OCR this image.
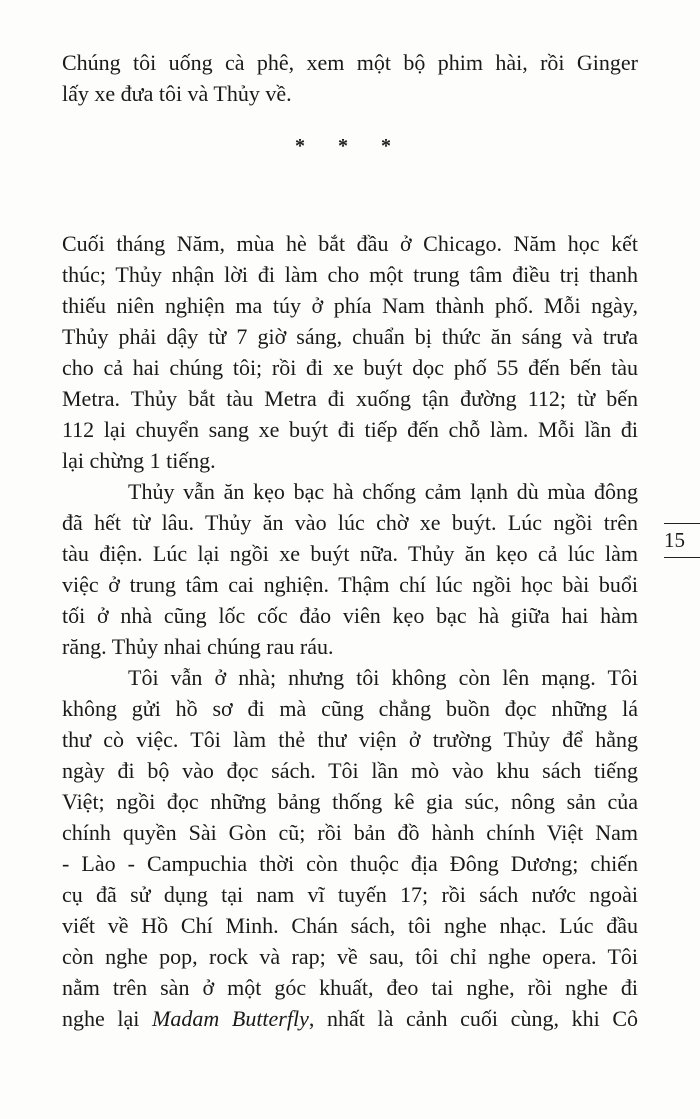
* * *
15
Chúng tôi uống cà phê, xem một bộ phim hài, rồi Ginger
lấy xe đưa tôi và Thủy về.
Cuối tháng Năm, mùa hè bắt đầu ở Chicago. Năm học kết
thúc; Thủy nhận lời đi làm cho một trung tâm điều trị thanh
thiếu niên nghiện ma túy ở phía Nam thành phố. Mỗi ngày,
Thủy phải dậy từ 7 giờ sáng, chuẩn bị thức ăn sáng và trưa
cho cả hai chúng tôi; rồi đi xe buýt dọc phố 55 đến bến tàu
Metra. Thủy bắt tàu Metra đi xuống tận đường 112; từ bến
112 lại chuyển sang xe buýt đi tiếp đến chỗ làm. Mỗi lần đi
lại chừng 1 tiếng.
Thủy vẫn ăn kẹo bạc hà chống cảm lạnh dù mùa đông
đã hết từ lâu. Thủy ăn vào lúc chờ xe buýt. Lúc ngồi trên
tàu điện. Lúc lại ngồi xe buýt nữa. Thủy ăn kẹo cả lúc làm
việc ở trung tâm cai nghiện. Thậm chí lúc ngồi học bài buổi
tối ở nhà cũng lốc cốc đảo viên kẹo bạc hà giữa hai hàm
răng. Thủy nhai chúng rau ráu.
Tôi vẫn ở nhà; nhưng tôi không còn lên mạng. Tôi
không gửi hồ sơ đi mà cũng chẳng buồn đọc những lá
thư cò việc. Tôi làm thẻ thư viện ở trường Thủy để hằng
ngày đi bộ vào đọc sách. Tôi lần mò vào khu sách tiếng
Việt; ngồi đọc những bảng thống kê gia súc, nông sản của
chính quyền Sài Gòn cũ; rồi bản đồ hành chính Việt Nam
- Lào - Campuchia thời còn thuộc địa Đông Dương; chiến
cụ đã sử dụng tại nam vĩ tuyến 17; rồi sách nước ngoài
viết về Hồ Chí Minh. Chán sách, tôi nghe nhạc. Lúc đầu
còn nghe pop, rock và rap; về sau, tôi chỉ nghe opera. Tôi
nằm trên sàn ở một góc khuất, đeo tai nghe, rồi nghe đi
nghe lại Madam Butterfly, nhất là cảnh cuối cùng, khi Cô
